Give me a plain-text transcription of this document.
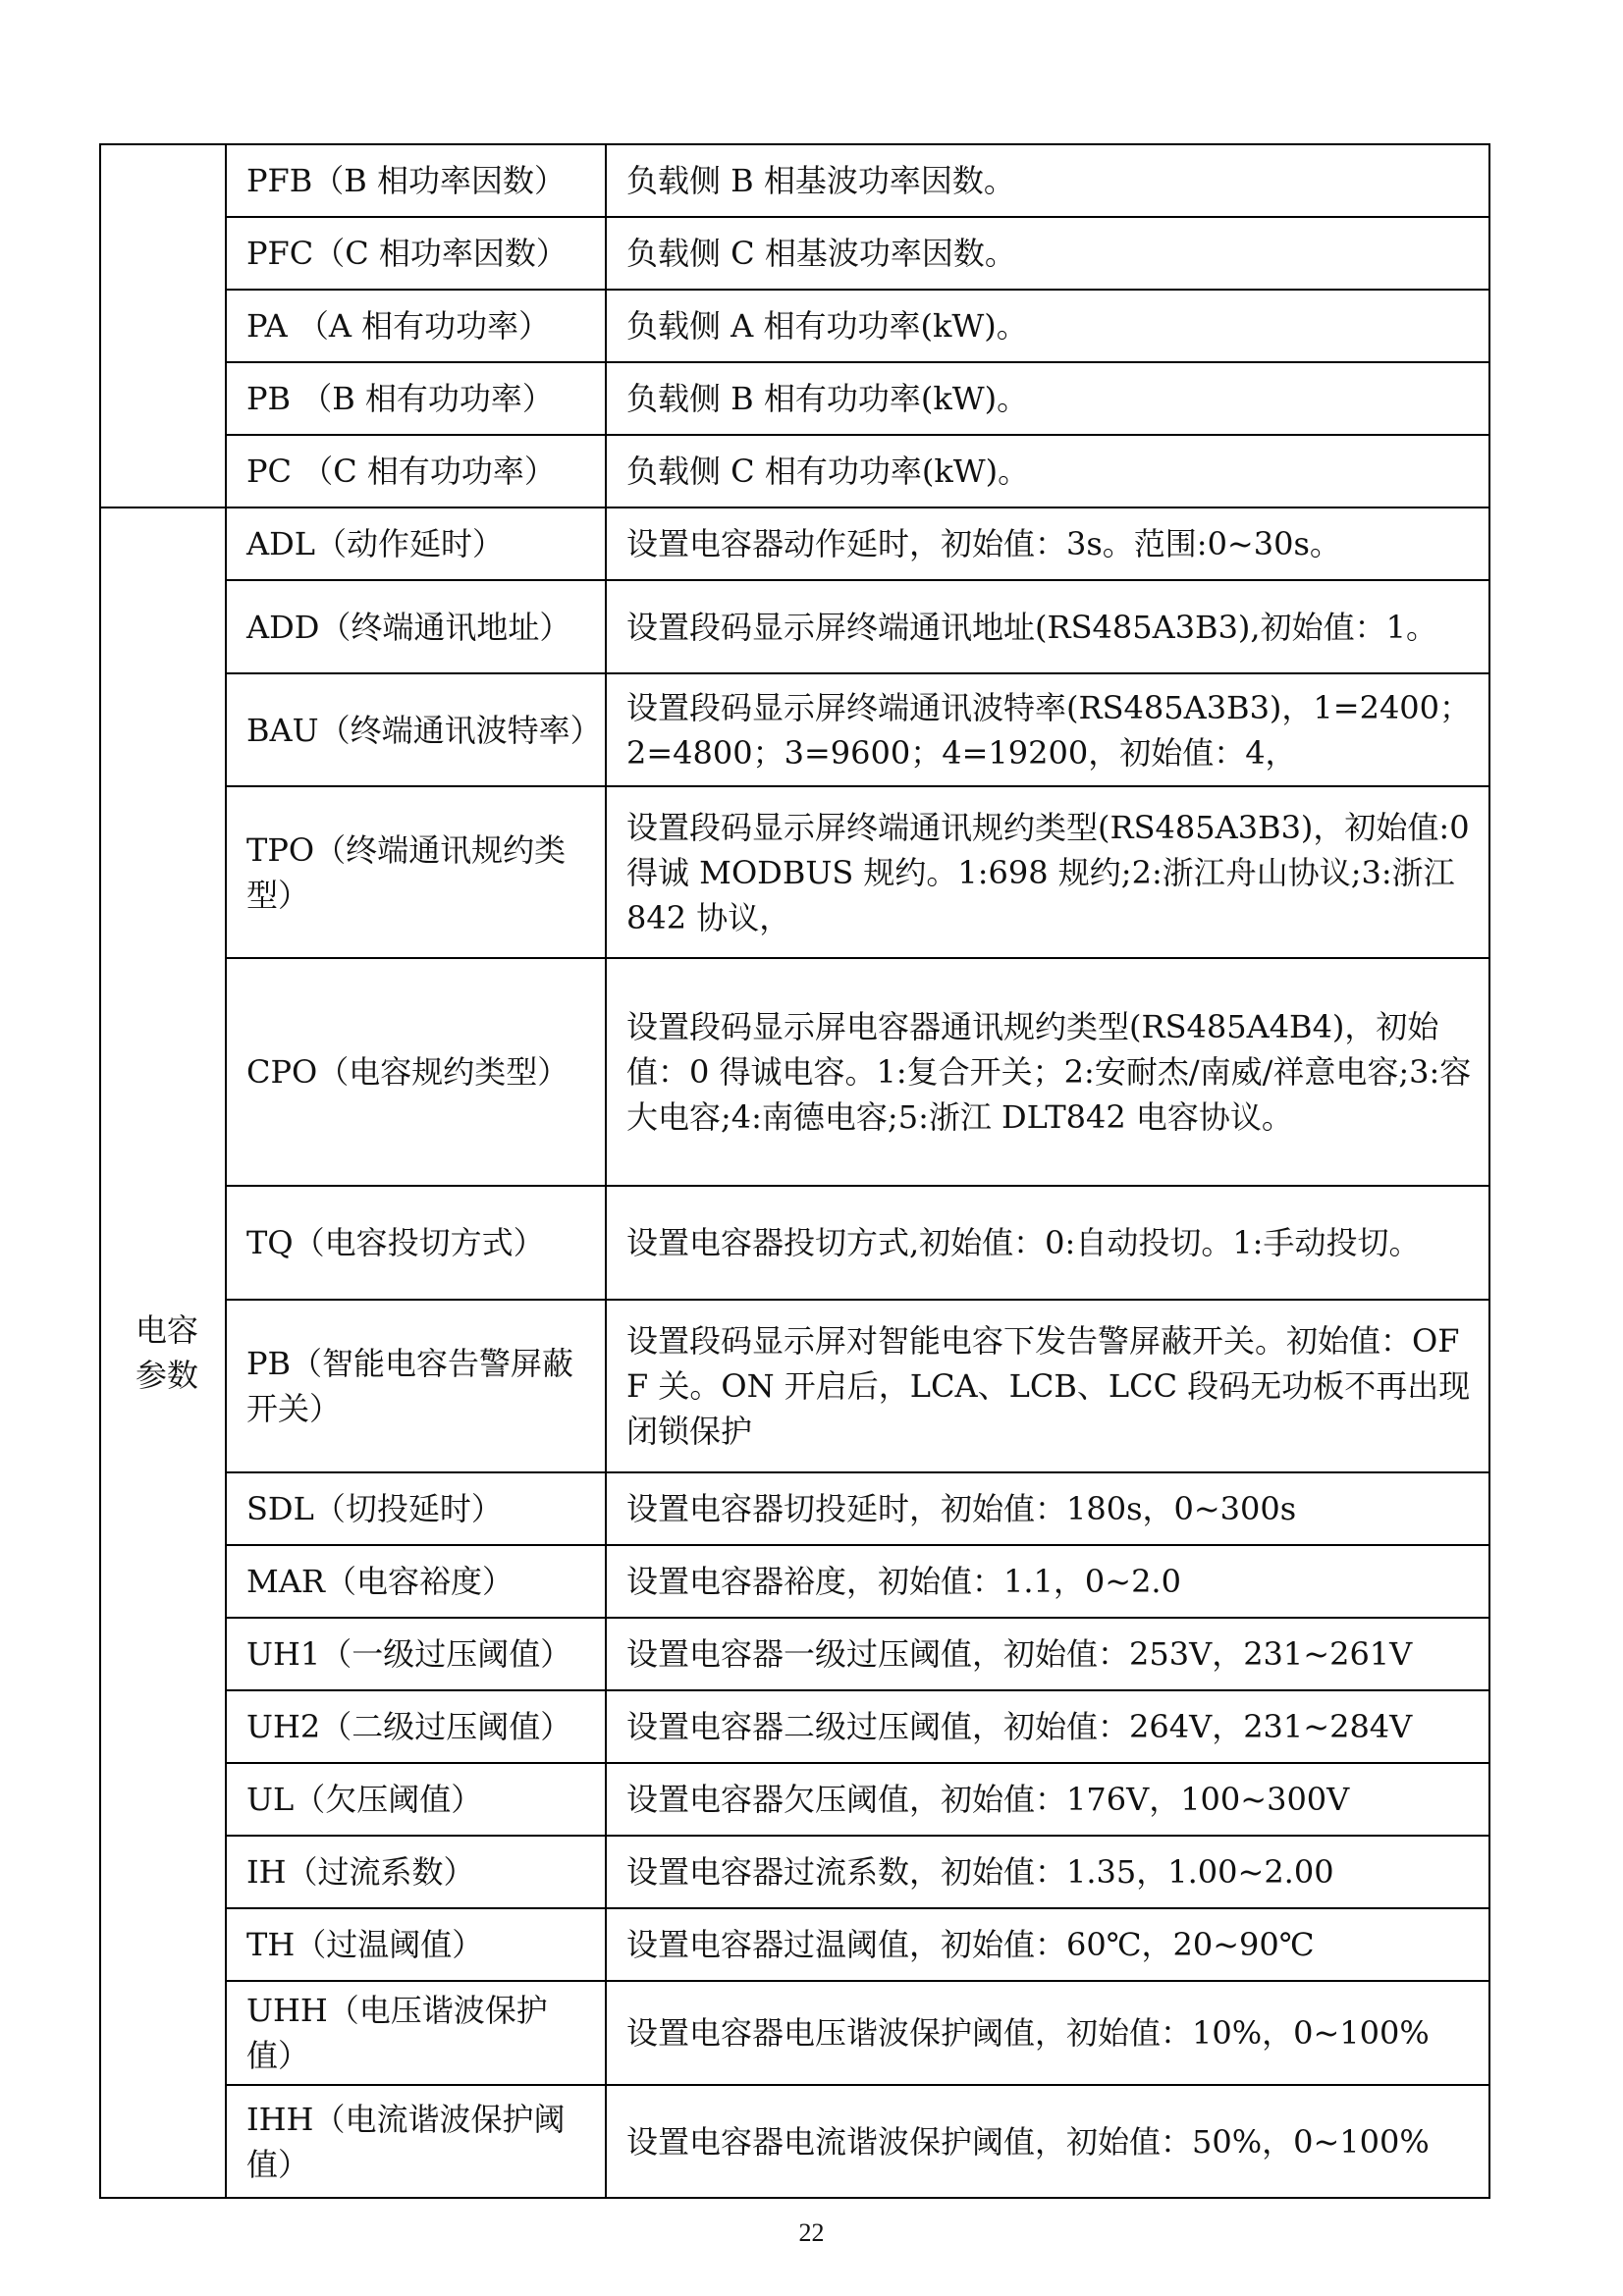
	PFB（B 相功率因数）	负载侧 B 相基波功率因数。
	PFC（C 相功率因数）	负载侧 C 相基波功率因数。
	PA （A 相有功功率）	负载侧 A 相有功功率(kW)。
	PB （B 相有功功率）	负载侧 B 相有功功率(kW)。
	PC （C 相有功功率）	负载侧 C 相有功功率(kW)。

电容
参数	ADL（动作延时）	设置电容器动作延时，初始值：3s。范围:0~30s。
	ADD（终端通讯地址）	设置段码显示屏终端通讯地址(RS485A3B3),初始值：1。
	BAU（终端通讯波特率）	设置段码显示屏终端通讯波特率(RS485A3B3)，1=2400；2=4800；3=9600；4=19200，初始值：4，
	TPO（终端通讯规约类型）	设置段码显示屏终端通讯规约类型(RS485A3B3)，初始值:0 得诚 MODBUS 规约。1:698 规约;2:浙江舟山协议;3:浙江 842 协议，
	CPO（电容规约类型）	设置段码显示屏电容器通讯规约类型(RS485A4B4)，初始值：0 得诚电容。1:复合开关；2:安耐杰/南威/祥意电容;3:容大电容;4:南德电容;5:浙江 DLT842 电容协议。
	TQ（电容投切方式）	设置电容器投切方式,初始值：0:自动投切。1:手动投切。
	PB（智能电容告警屏蔽开关）	设置段码显示屏对智能电容下发告警屏蔽开关。初始值：OFF 关。ON 开启后，LCA、LCB、LCC 段码无功板不再出现闭锁保护
	SDL（切投延时）	设置电容器切投延时，初始值：180s，0~300s
	MAR（电容裕度）	设置电容器裕度，初始值：1.1，0~2.0
	UH1（一级过压阈值）	设置电容器一级过压阈值，初始值：253V，231~261V
	UH2（二级过压阈值）	设置电容器二级过压阈值，初始值：264V，231~284V
	UL（欠压阈值）	设置电容器欠压阈值，初始值：176V，100~300V
	IH（过流系数）	设置电容器过流系数，初始值：1.35，1.00~2.00
	TH（过温阈值）	设置电容器过温阈值，初始值：60℃，20~90℃
	UHH（电压谐波保护值）	设置电容器电压谐波保护阈值，初始值：10%，0~100%
	IHH（电流谐波保护阈值）	设置电容器电流谐波保护阈值，初始值：50%，0~100%
22
